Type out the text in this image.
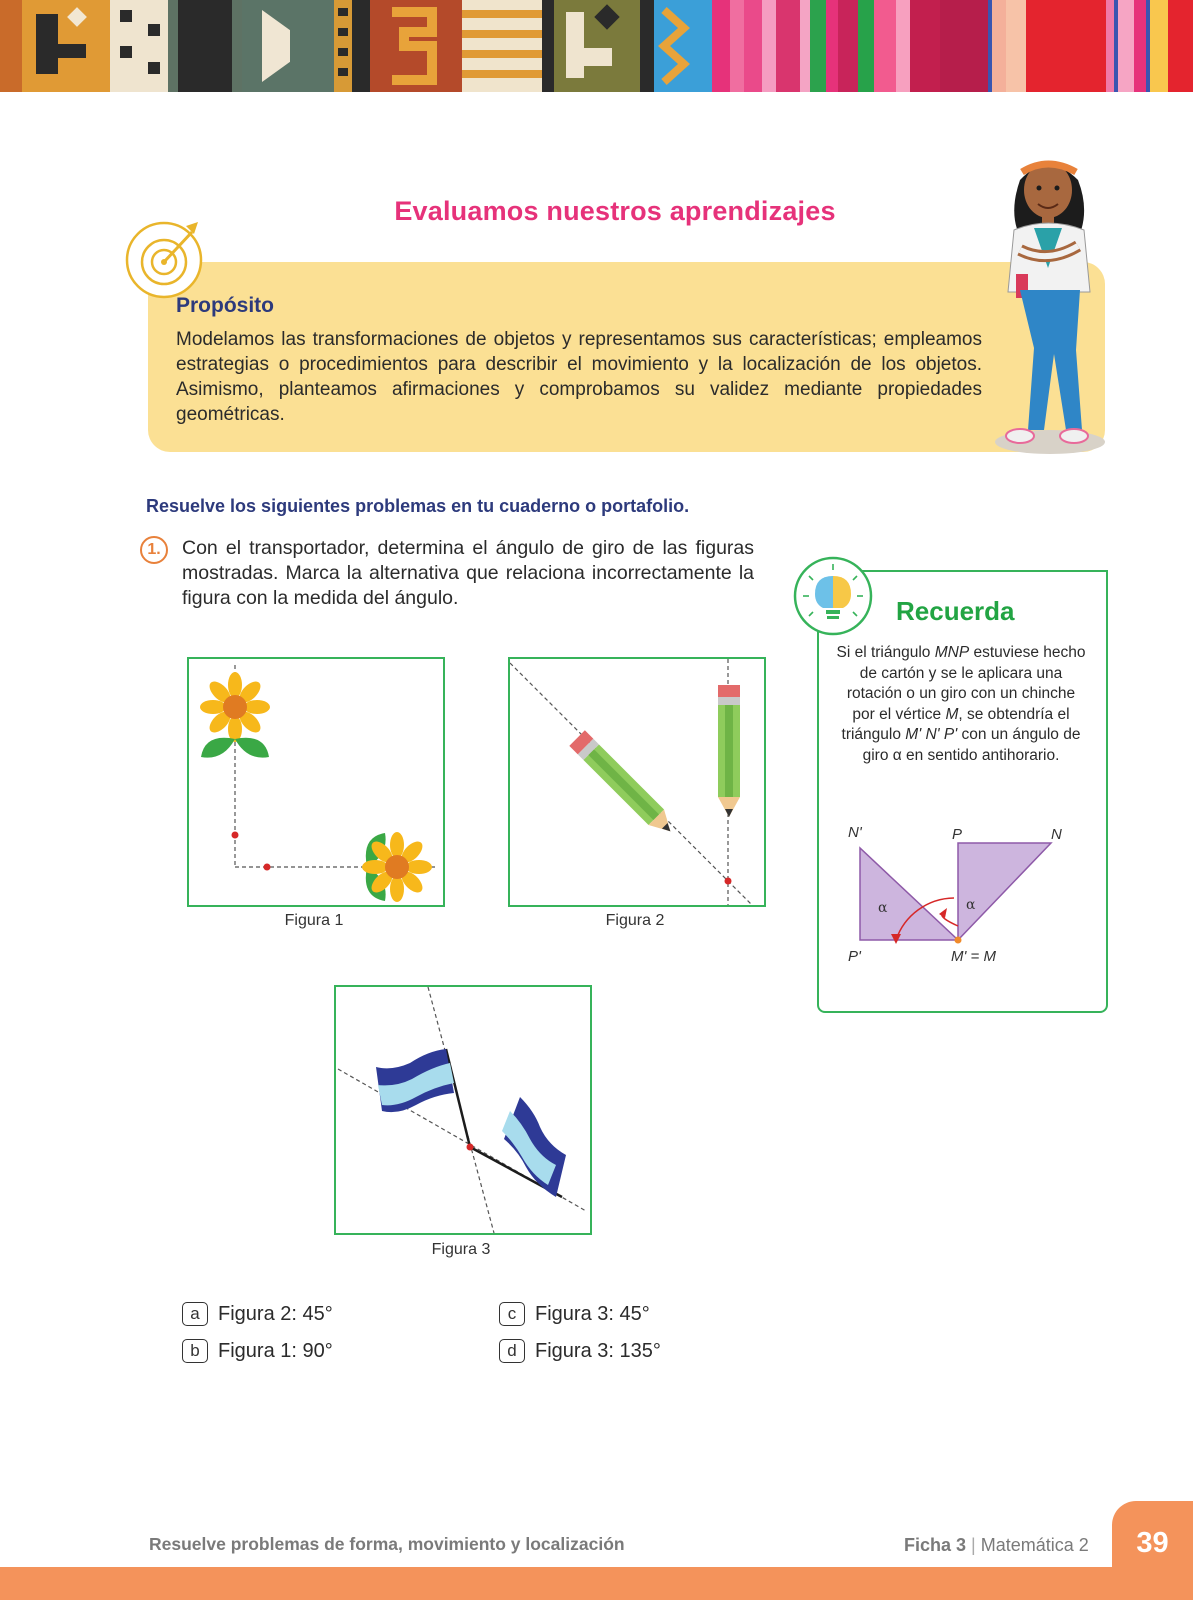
Evaluamos nuestros aprendizajes
Propósito
Modelamos las transformaciones de objetos y representamos sus características; empleamos estrategias o procedimientos para describir el movimiento y la localización de los objetos. Asimismo, planteamos afirmaciones y comprobamos su validez mediante propiedades geométricas.
Resuelve los siguientes problemas en tu cuaderno o portafolio.
1.	Con el transportador, determina el ángulo de giro de las figuras mostradas. Marca la alternativa que relaciona incorrectamente la figura con la medida del ángulo.
Figura 1	Figura 2
Figura 3
a Figura 2: 45°
b Figura 1: 90°
c Figura 3: 45°
d Figura 3: 135°
Recuerda
Si el triángulo MNP estuviese hecho de cartón y se le aplicara una rotación o un giro con un chinche por el vértice M, se obtendría el triángulo M' N' P' con un ángulo de giro α en sentido antihorario.
α	α
N'	P	N
P'	M' = M
39
Resuelve problemas de forma, movimiento y localización	Ficha 3 | Matemática 2
